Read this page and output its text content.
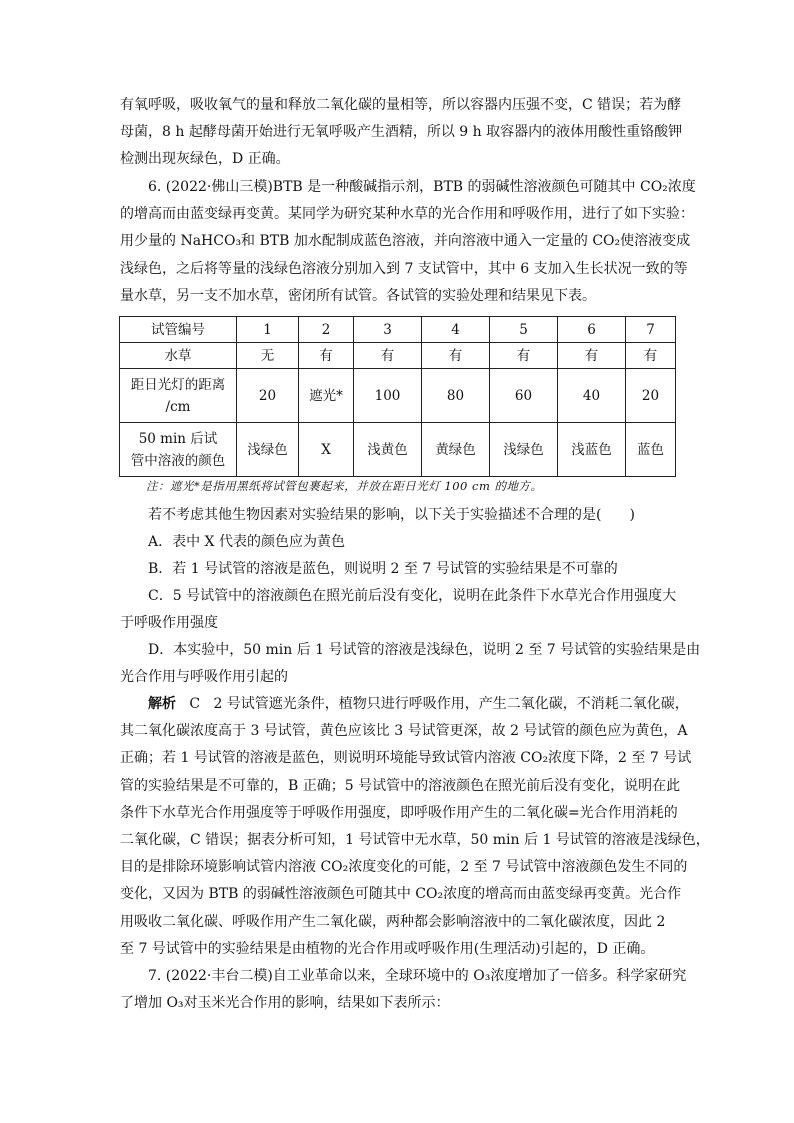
有氧呼吸，吸收氧气的量和释放二氧化碳的量相等，所以容器内压强不变，C 错误；若为酵
母菌，8 h 起酵母菌开始进行无氧呼吸产生酒精，所以 9 h 取容器内的液体用酸性重铬酸钾
检测出现灰绿色，D 正确。
6. (2022·佛山三模)BTB 是一种酸碱指示剂，BTB 的弱碱性溶液颜色可随其中 CO₂浓度
的增高而由蓝变绿再变黄。某同学为研究某种水草的光合作用和呼吸作用，进行了如下实验：
用少量的 NaHCO₃和 BTB 加水配制成蓝色溶液，并向溶液中通入一定量的 CO₂使溶液变成
浅绿色，之后将等量的浅绿色溶液分别加入到 7 支试管中，其中 6 支加入生长状况一致的等
量水草，另一支不加水草，密闭所有试管。各试管的实验处理和结果见下表。
试管编号	1	2	3	4	5	6	7
水草	无	有	有	有	有	有	有
距日光灯的距离
/cm	20	遮光*	100	80	60	40	20
50 min 后试
管中溶液的颜色	浅绿色	X	浅黄色	黄绿色	浅绿色	浅蓝色	蓝色
注：遮光*是指用黑纸将试管包裹起来，并放在距日光灯 100 cm 的地方。
若不考虑其他生物因素对实验结果的影响，以下关于实验描述不合理的是(　　)
A．表中 X 代表的颜色应为黄色
B．若 1 号试管的溶液是蓝色，则说明 2 至 7 号试管的实验结果是不可靠的
C．5 号试管中的溶液颜色在照光前后没有变化，说明在此条件下水草光合作用强度大
于呼吸作用强度
D．本实验中，50 min 后 1 号试管的溶液是浅绿色，说明 2 至 7 号试管的实验结果是由
光合作用与呼吸作用引起的
解析 C 2 号试管遮光条件，植物只进行呼吸作用，产生二氧化碳，不消耗二氧化碳，
其二氧化碳浓度高于 3 号试管，黄色应该比 3 号试管更深，故 2 号试管的颜色应为黄色，A
正确；若 1 号试管的溶液是蓝色，则说明环境能导致试管内溶液 CO₂浓度下降，2 至 7 号试
管的实验结果是不可靠的，B 正确；5 号试管中的溶液颜色在照光前后没有变化，说明在此
条件下水草光合作用强度等于呼吸作用强度，即呼吸作用产生的二氧化碳=光合作用消耗的
二氧化碳，C 错误；据表分析可知，1 号试管中无水草，50 min 后 1 号试管的溶液是浅绿色，
目的是排除环境影响试管内溶液 CO₂浓度变化的可能，2 至 7 号试管中溶液颜色发生不同的
变化，又因为 BTB 的弱碱性溶液颜色可随其中 CO₂浓度的增高而由蓝变绿再变黄。光合作
用吸收二氧化碳、呼吸作用产生二氧化碳，两种都会影响溶液中的二氧化碳浓度，因此 2
至 7 号试管中的实验结果是由植物的光合作用或呼吸作用(生理活动)引起的，D 正确。
7. (2022·丰台二模)自工业革命以来，全球环境中的 O₃浓度增加了一倍多。科学家研究
了增加 O₃对玉米光合作用的影响，结果如下表所示：
